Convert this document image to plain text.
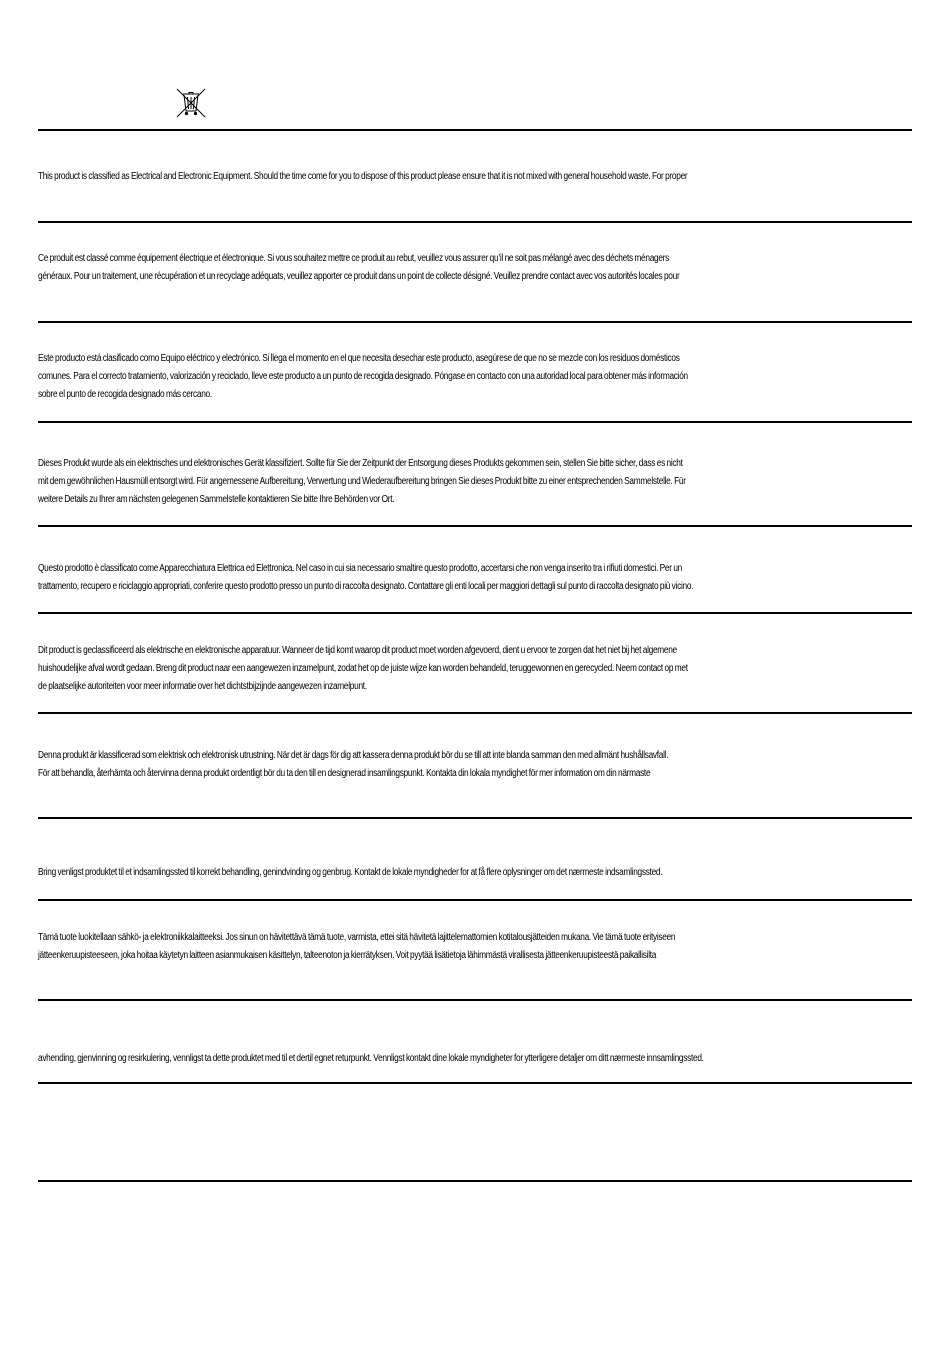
This product is classified as Electrical and Electronic Equipment. Should the time come for you to dispose of this product please ensure that it is not mixed with general household waste. For proper

Ce produit est classé comme équipement électrique et électronique. Si vous souhaitez mettre ce produit au rebut, veuillez vous assurer qu’il ne soit pas mélangé avec des déchets ménagers
généraux. Pour un traitement, une récupération et un recyclage adéquats, veuillez apporter ce produit dans un point de collecte désigné. Veuillez prendre contact avec vos autorités locales pour

Este producto está clasificado como Equipo eléctrico y electrónico. Si llega el momento en el que necesita desechar este producto, asegúrese de que no se mezcle con los residuos domésticos
comunes. Para el correcto tratamiento, valorización y reciclado, lleve este producto a un punto de recogida designado. Póngase en contacto con una autoridad local para obtener más información
sobre el punto de recogida designado más cercano.

Dieses Produkt wurde als ein elektrisches und elektronisches Gerät klassifiziert. Sollte für Sie der Zeitpunkt der Entsorgung dieses Produkts gekommen sein, stellen Sie bitte sicher, dass es nicht
mit dem gewöhnlichen Hausmüll entsorgt wird. Für angemessene Aufbereitung, Verwertung und Wiederaufbereitung bringen Sie dieses Produkt bitte zu einer entsprechenden Sammelstelle. Für
weitere Details zu Ihrer am nächsten gelegenen Sammelstelle kontaktieren Sie bitte Ihre Behörden vor Ort.

Questo prodotto è classificato come Apparecchiatura Elettrica ed Elettronica. Nel caso in cui sia necessario smaltire questo prodotto, accertarsi che non venga inserito tra i rifiuti domestici. Per un
trattamento, recupero e riciclaggio appropriati, conferire questo prodotto presso un punto di raccolta designato. Contattare gli enti locali per maggiori dettagli sul punto di raccolta designato più vicino.

Dit product is geclassificeerd als elektrische en elektronische apparatuur. Wanneer de tijd komt waarop dit product moet worden afgevoerd, dient u ervoor te zorgen dat het niet bij het algemene
huishoudelijke afval wordt gedaan. Breng dit product naar een aangewezen inzamelpunt, zodat het op de juiste wijze kan worden behandeld, teruggewonnen en gerecycled. Neem contact op met
de plaatselijke autoriteiten voor meer informatie over het dichtstbijzijnde aangewezen inzamelpunt.

Denna produkt är klassificerad som elektrisk och elektronisk utrustning. När det är dags för dig att kassera denna produkt bör du se till att inte blanda samman den med allmänt hushållsavfall.
För att behandla, återhämta och återvinna denna produkt ordentligt bör du ta den till en designerad insamlingspunkt. Kontakta din lokala myndighet för mer information om din närmaste

Bring venligst produktet til et indsamlingssted til korrekt behandling, genindvinding og genbrug. Kontakt de lokale myndigheder for at få flere oplysninger om det nærmeste indsamlingssted.

Tämä tuote luokitellaan sähkö- ja elektroniikkalaitteeksi. Jos sinun on hävitettävä tämä tuote, varmista, ettei sitä hävitetä lajittelemattomien kotitalousjätteiden mukana. Vie tämä tuote erityiseen
jätteenkeruupisteeseen, joka hoitaa käytetyn laitteen asianmukaisen käsittelyn, talteenoton ja kierrätyksen. Voit pyytää lisätietoja lähimmästä virallisesta jätteenkeruupisteestä paikallisilta

avhending, gjenvinning og resirkulering, vennligst ta dette produktet med til et dertil egnet returpunkt. Vennligst kontakt dine lokale myndigheter for ytterligere detaljer om ditt nærmeste innsamlingssted.
